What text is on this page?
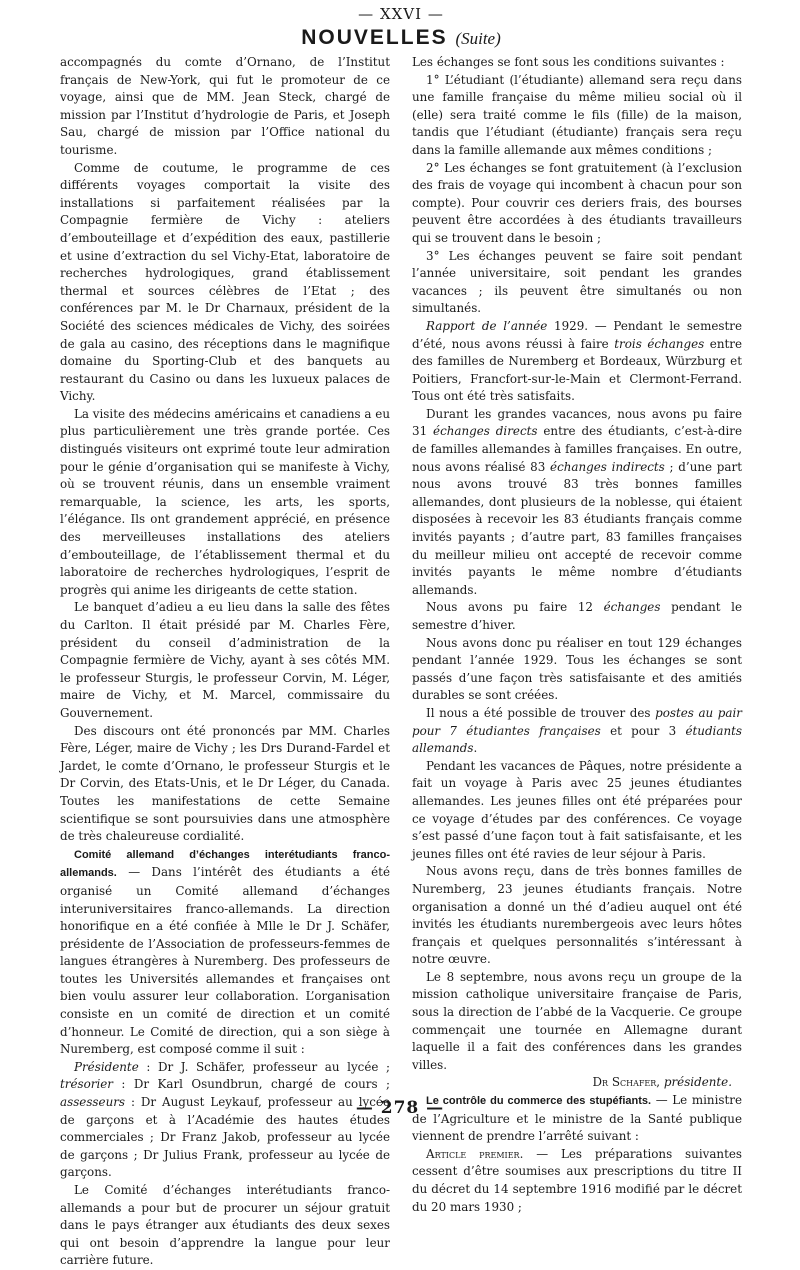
— XXVI —
NOUVELLES (Suite)

accompagnés du comte d’Ornano, de l’Institut français de New-York, qui fut le promoteur de ce voyage, ainsi que de MM. Jean Steck, chargé de mission par l’Institut d’hydrologie de Paris, et Joseph Sau, chargé de mission par l’Office national du tourisme.

Comme de coutume, le programme de ces différents voyages comportait la visite des installations si parfaitement réalisées par la Compagnie fermière de Vichy : ateliers d’embouteillage et d’expédition des eaux, pastillerie et usine d’extraction du sel Vichy-Etat, laboratoire de recherches hydrologiques, grand établissement thermal et sources célèbres de l’Etat ; des conférences par M. le Dr Charnaux, président de la Société des sciences médicales de Vichy, des soirées de gala au casino, des réceptions dans le magnifique domaine du Sporting-Club et des banquets au restaurant du Casino ou dans les luxueux palaces de Vichy.

La visite des médecins américains et canadiens a eu plus particulièrement une très grande portée. Ces distingués visiteurs ont exprimé toute leur admiration pour le génie d’organisation qui se manifeste à Vichy, où se trouvent réunis, dans un ensemble vraiment remarquable, la science, les arts, les sports, l’élégance. Ils ont grandement apprécié, en présence des merveilleuses installations des ateliers d’embouteillage, de l’établissement thermal et du laboratoire de recherches hydrologiques, l’esprit de progrès qui anime les dirigeants de cette station.

Le banquet d’adieu a eu lieu dans la salle des fêtes du Carlton. Il était présidé par M. Charles Fère, président du conseil d’administration de la Compagnie fermière de Vichy, ayant à ses côtés MM. le professeur Sturgis, le professeur Corvin, M. Léger, maire de Vichy, et M. Marcel, commissaire du Gouvernement.

Des discours ont été prononcés par MM. Charles Fère, Léger, maire de Vichy ; les Drs Durand-Fardel et Jardet, le comte d’Ornano, le professeur Sturgis et le Dr Corvin, des Etats-Unis, et le Dr Léger, du Canada. Toutes les manifestations de cette Semaine scientifique se sont poursuivies dans une atmosphère de très chaleureuse cordialité.

Comité allemand d’échanges interétudiants franco-allemands. — Dans l’intérêt des étudiants a été organisé un Comité allemand d’échanges interuniversitaires franco-allemands. La direction honorifique en a été confiée à Mlle le Dr J. Schäfer, présidente de l’Association de professeurs-femmes de langues étrangères à Nuremberg. Des professeurs de toutes les Universités allemandes et françaises ont bien voulu assurer leur collaboration. L’organisation consiste en un comité de direction et un comité d’honneur. Le Comité de direction, qui a son siège à Nuremberg, est composé comme il suit :

Présidente : Dr J. Schäfer, professeur au lycée ; trésorier : Dr Karl Osundbrun, chargé de cours ; assesseurs : Dr August Leykauf, professeur au lycée de garçons et à l’Académie des hautes études commerciales ; Dr Franz Jakob, professeur au lycée de garçons ; Dr Julius Frank, professeur au lycée de garçons.

Le Comité d’échanges interétudiants franco-allemands a pour but de procurer un séjour gratuit dans le pays étranger aux étudiants des deux sexes qui ont besoin d’apprendre la langue pour leur carrière future.

Les échanges se font sous les conditions suivantes :

1° L’étudiant (l’étudiante) allemand sera reçu dans une famille française du même milieu social où il (elle) sera traité comme le fils (fille) de la maison, tandis que l’étudiant (étudiante) français sera reçu dans la famille allemande aux mêmes conditions ;

2° Les échanges se font gratuitement (à l’exclusion des frais de voyage qui incombent à chacun pour son compte). Pour couvrir ces deriers frais, des bourses peuvent être accordées à des étudiants travailleurs qui se trouvent dans le besoin ;

3° Les échanges peuvent se faire soit pendant l’année universitaire, soit pendant les grandes vacances ; ils peuvent être simultanés ou non simultanés.

Rapport de l’année 1929. — Pendant le semestre d’été, nous avons réussi à faire trois échanges entre des familles de Nuremberg et Bordeaux, Würzburg et Poitiers, Francfort-sur-le-Main et Clermont-Ferrand. Tous ont été très satisfaits.

Durant les grandes vacances, nous avons pu faire 31 échanges directs entre des étudiants, c’est-à-dire de familles allemandes à familles françaises. En outre, nous avons réalisé 83 échanges indirects ; d’une part nous avons trouvé 83 très bonnes familles allemandes, dont plusieurs de la noblesse, qui étaient disposées à recevoir les 83 étudiants français comme invités payants ; d’autre part, 83 familles françaises du meilleur milieu ont accepté de recevoir comme invités payants le même nombre d’étudiants allemands.

Nous avons pu faire 12 échanges pendant le semestre d’hiver.

Nous avons donc pu réaliser en tout 129 échanges pendant l’année 1929. Tous les échanges se sont passés d’une façon très satisfaisante et des amitiés durables se sont créées.

Il nous a été possible de trouver des postes au pair pour 7 étudiantes françaises et pour 3 étudiants allemands.

Pendant les vacances de Pâques, notre présidente a fait un voyage à Paris avec 25 jeunes étudiantes allemandes. Les jeunes filles ont été préparées pour ce voyage d’études par des conférences. Ce voyage s’est passé d’une façon tout à fait satisfaisante, et les jeunes filles ont été ravies de leur séjour à Paris.

Nous avons reçu, dans de très bonnes familles de Nuremberg, 23 jeunes étudiants français. Notre organisation a donné un thé d’adieu auquel ont été invités les étudiants nurembergeois avec leurs hôtes français et quelques personnalités s’intéressant à notre œuvre.

Le 8 septembre, nous avons reçu un groupe de la mission catholique universitaire française de Paris, sous la direction de l’abbé de la Vacquerie. Ce groupe commençait une tournée en Allemagne durant laquelle il a fait des conférences dans les grandes villes.

Dr Schafer, présidente.

Le contrôle du commerce des stupéfiants. — Le ministre de l’Agriculture et le ministre de la Santé publique viennent de prendre l’arrêté suivant :

Article premier. — Les préparations suivantes cessent d’être soumises aux prescriptions du titre II du décret du 14 septembre 1916 modifié par le décret du 20 mars 1930 ;

— 278 —
